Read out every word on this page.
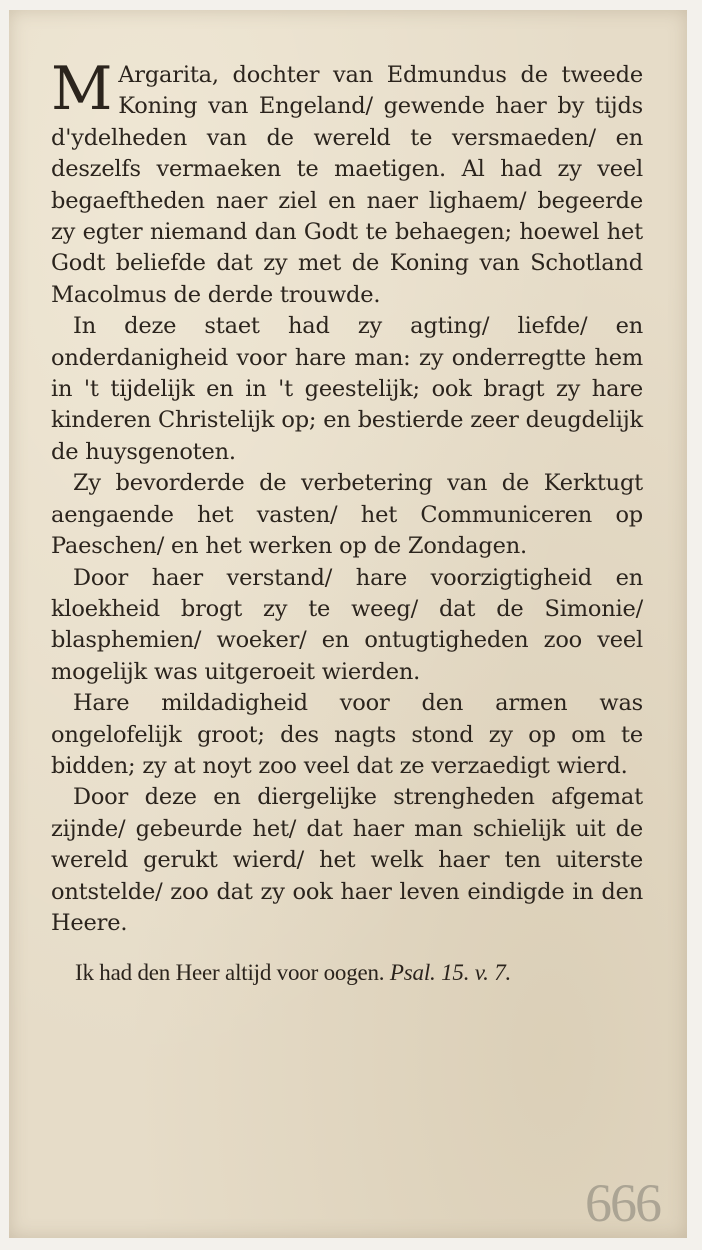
M Argarita, dochter van Edmundus de tweede Koning van Engeland/ gewende haer by tijds d'ydelheden van de wereld te versmaeden/ en deszelfs vermaeken te maetigen. Al had zy veel begaeftheden naer ziel en naer lighaem/ begeerde zy egter niemand dan Godt te behaegen; hoewel het Godt beliefde dat zy met de Koning van Schotland Macolmus de derde trouwde.

In deze staet had zy agting/ liefde/ en onderdanigheid voor hare man: zy onderregtte hem in 't tijdelijk en in 't geestelijk; ook bragt zy hare kinderen Christelijk op; en bestierde zeer deugdelijk de huysgenoten.

Zy bevorderde de verbetering van de Kerktugt aengaende het vasten/ het Communiceren op Paeschen/ en het werken op de Zondagen.

Door haer verstand/ hare voorzigtigheid en kloekheid brogt zy te weeg/ dat de Simonie/ blasphemien/ woeker/ en ontugtigheden zoo veel mogelijk was uitgeroeit wierden.

Hare mildadigheid voor den armen was ongelofelijk groot; des nagts stond zy op om te bidden; zy at noyt zoo veel dat ze verzaedigt wierd.

Door deze en diergelijke strengheden afgemat zijnde/ gebeurde het/ dat haer man schielijk uit de wereld gerukt wierd/ het welk haer ten uiterste ontstelde/ zoo dat zy ook haer leven eindigde in den Heere.

Ik had den Heer altijd voor oogen. Psal. 15. v. 7.

666
